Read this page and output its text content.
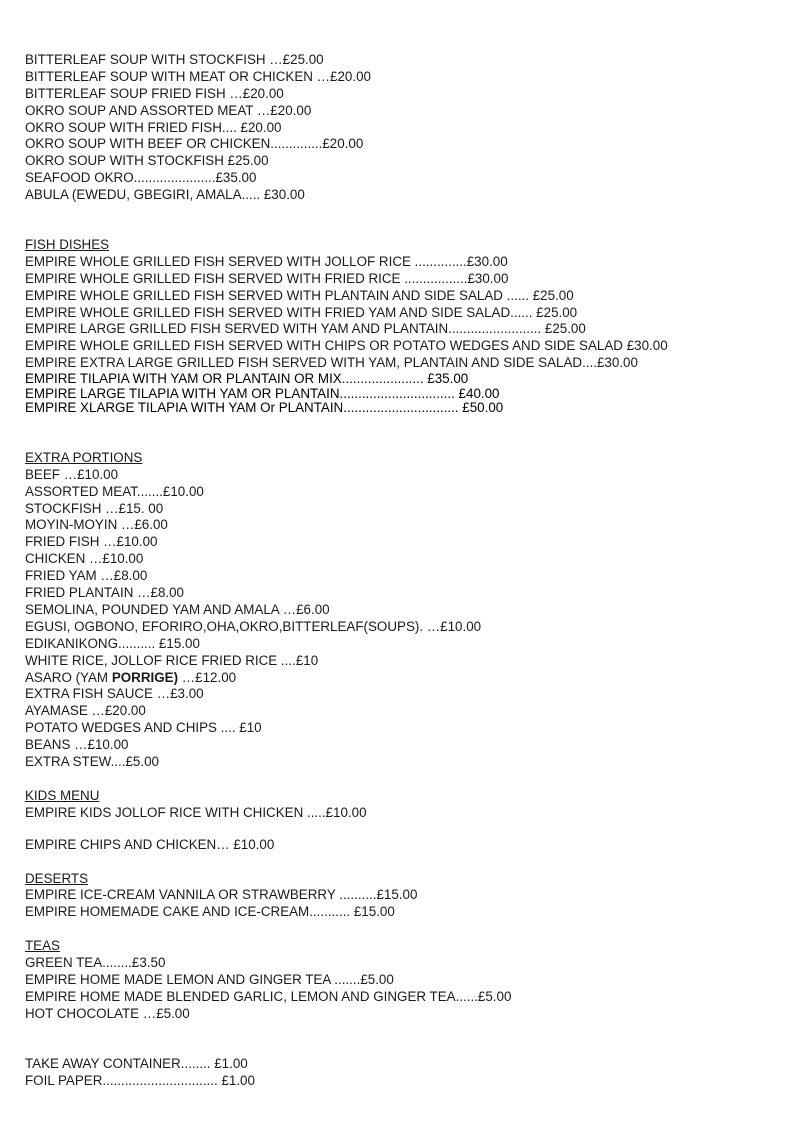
BITTERLEAF SOUP WITH STOCKFISH …£25.00
BITTERLEAF SOUP WITH MEAT OR CHICKEN …£20.00
BITTERLEAF SOUP FRIED FISH …£20.00
OKRO SOUP AND ASSORTED MEAT …£20.00
OKRO SOUP WITH FRIED FISH.... £20.00
OKRO SOUP WITH BEEF OR CHICKEN..............£20.00
OKRO SOUP WITH STOCKFISH £25.00
SEAFOOD OKRO......................£35.00
ABULA (EWEDU, GBEGIRI, AMALA..... £30.00
FISH DISHES
EMPIRE WHOLE GRILLED FISH SERVED WITH JOLLOF RICE ..............£30.00
EMPIRE WHOLE GRILLED FISH SERVED WITH FRIED RICE .................£30.00
EMPIRE WHOLE GRILLED FISH SERVED WITH PLANTAIN AND SIDE SALAD ...... £25.00
EMPIRE WHOLE GRILLED FISH SERVED WITH FRIED YAM AND SIDE SALAD...... £25.00
EMPIRE LARGE GRILLED FISH SERVED WITH YAM AND PLANTAIN......................... £25.00
EMPIRE WHOLE GRILLED FISH SERVED WITH CHIPS OR POTATO WEDGES AND SIDE SALAD £30.00
EMPIRE EXTRA LARGE GRILLED FISH SERVED WITH YAM, PLANTAIN AND SIDE SALAD....£30.00
EMPIRE TILAPIA WITH YAM OR PLANTAIN OR MIX...................... £35.00
EMPIRE LARGE TILAPIA WITH YAM OR PLANTAIN............................... £40.00
EMPIRE XLARGE TILAPIA WITH YAM Or PLANTAIN............................... £50.00
EXTRA PORTIONS
BEEF …£10.00
ASSORTED MEAT.......£10.00
STOCKFISH …£15. 00
MOYIN-MOYIN …£6.00
FRIED FISH …£10.00
CHICKEN …£10.00
FRIED YAM …£8.00
FRIED PLANTAIN …£8.00
SEMOLINA, POUNDED YAM AND AMALA …£6.00
EGUSI, OGBONO, EFORIRO,OHA,OKRO,BITTERLEAF(SOUPS). …£10.00
EDIKANIKONG.......... £15.00
WHITE RICE, JOLLOF RICE FRIED RICE ....£10
ASARO (YAM PORRIGE) …£12.00
EXTRA FISH SAUCE …£3.00
AYAMASE …£20.00
POTATO WEDGES AND CHIPS .... £10
BEANS …£10.00
EXTRA STEW....£5.00
KIDS MENU
EMPIRE KIDS JOLLOF RICE WITH CHICKEN .....£10.00
EMPIRE CHIPS AND CHICKEN… £10.00
DESERTS
EMPIRE ICE-CREAM VANNILA OR STRAWBERRY ..........£15.00
EMPIRE HOMEMADE CAKE AND ICE-CREAM........... £15.00
TEAS
GREEN TEA........£3.50
EMPIRE HOME MADE LEMON AND GINGER TEA .......£5.00
EMPIRE HOME MADE BLENDED GARLIC, LEMON AND GINGER TEA......£5.00
HOT CHOCOLATE …£5.00
TAKE AWAY CONTAINER........ £1.00
FOIL PAPER............................... £1.00
